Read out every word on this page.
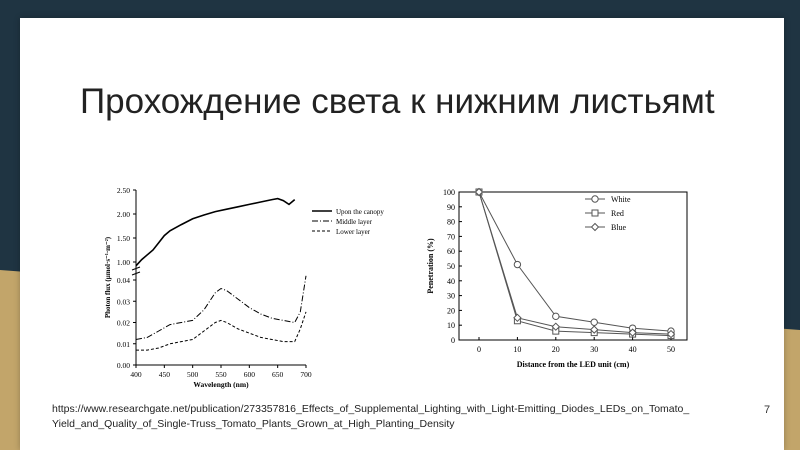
Прохождение света к нижним листьямt
1.00
1.50
2.00
2.50
0.00
0.01
0.02
0.03
0.04
400 450 500 550 600 650 700
Wavelength (nm)
Photon flux (μmol·s⁻¹·m⁻²)
Upon the canopy
Middle layer
Lower layer
0
10
20
30
40
50
60
70
80
90
100
0	10	20	30	40	50
Distance from the LED unit (cm)
Penetration (%)
White
Red
Blue
https://www.researchgate.net/publication/273357816_Effects_of_Supplemental_Lighting_with_Light-Emitting_Diodes_LEDs_on_Tomato_
Yield_and_Quality_of_Single-Truss_Tomato_Plants_Grown_at_High_Planting_Density
7
